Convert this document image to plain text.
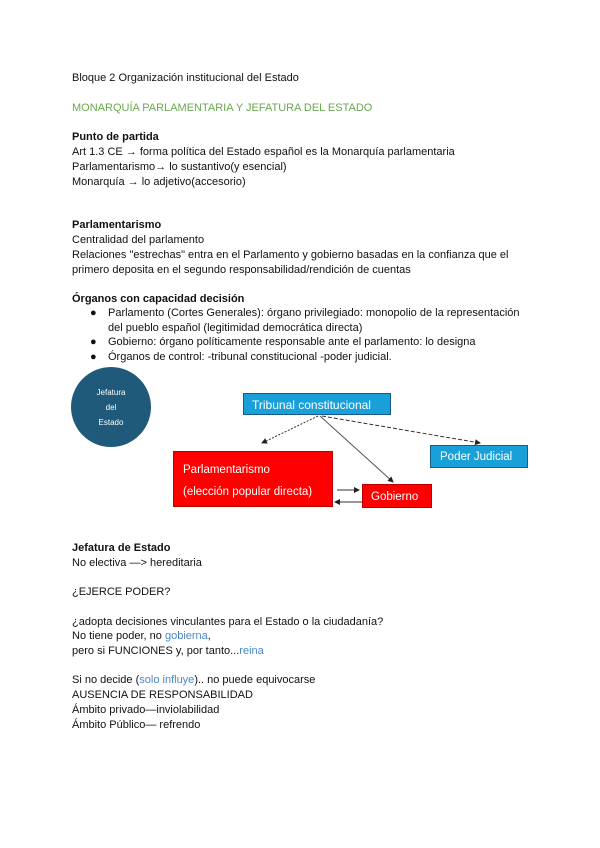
Bloque 2 Organización institucional del Estado
MONARQUÍA PARLAMENTARIA Y JEFATURA DEL ESTADO
Punto de partida
Art 1.3 CE → forma política del Estado español es la Monarquía parlamentaria
Parlamentarismo→ lo sustantivo(y esencial)
Monarquía → lo adjetivo(accesorio)
Parlamentarismo
Centralidad del parlamento
Relaciones "estrechas" entra en el Parlamento y gobierno basadas en la confianza que el
primero deposita en el segundo responsabilidad/rendición de cuentas
Órganos con capacidad decisión
● Parlamento (Cortes Generales): órgano privilegiado: monopolio de la representación
del pueblo español (legitimidad democrática directa)
● Gobierno: órgano políticamente responsable ante el parlamento: lo designa
● Órganos de control: -tribunal constitucional -poder judicial.
Jefatura
del
Estado
Tribunal constitucional
Poder Judicial
Parlamentarismo
(elección popular directa)	Gobierno
Jefatura de Estado
No electiva —> hereditaria
¿EJERCE PODER?
¿adopta decisiones vinculantes para el Estado o la ciudadanía?
No tiene poder, no gobierna,
pero si FUNCIONES y, por tanto...reina
Si no decide (solo influye).. no puede equivocarse
AUSENCIA DE RESPONSABILIDAD
Ámbito privado—inviolabilidad
Ámbito Público— refrendo
